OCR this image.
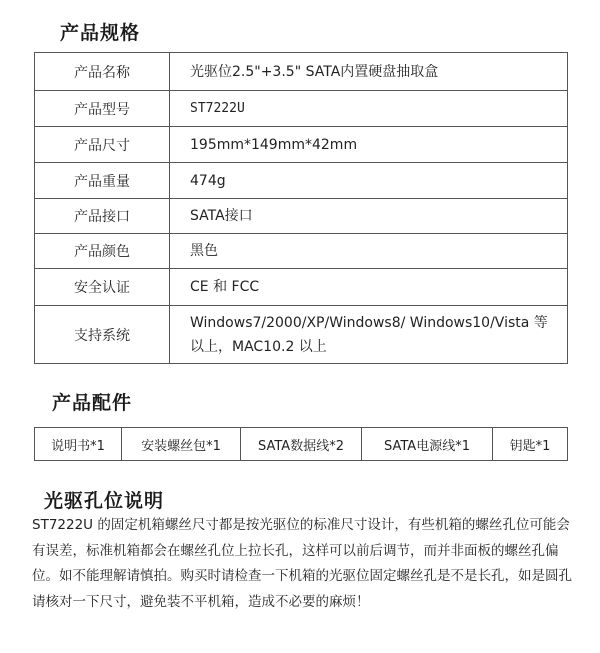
产品规格
产品名称	光驱位2.5"+3.5" SATA内置硬盘抽取盒
产品型号	ST7222U
产品尺寸	195mm*149mm*42mm
产品重量	474g
产品接口	SATA接口
产品颜色	黑色
安全认证	CE 和 FCC
支持系统	Windows7/2000/XP/Windows8/ Windows10/Vista 等以上，MAC10.2 以上
产品配件
说明书*1	安装螺丝包*1	SATA数据线*2	SATA电源线*1	钥匙*1
光驱孔位说明
ST7222U 的固定机箱螺丝尺寸都是按光驱位的标准尺寸设计，有些机箱的螺丝孔位可能会有误差，标准机箱都会在螺丝孔位上拉长孔，这样可以前后调节，而并非面板的螺丝孔偏位。如不能理解请慎拍。购买时请检查一下机箱的光驱位固定螺丝孔是不是长孔，如是圆孔请核对一下尺寸，避免装不平机箱，造成不必要的麻烦！
